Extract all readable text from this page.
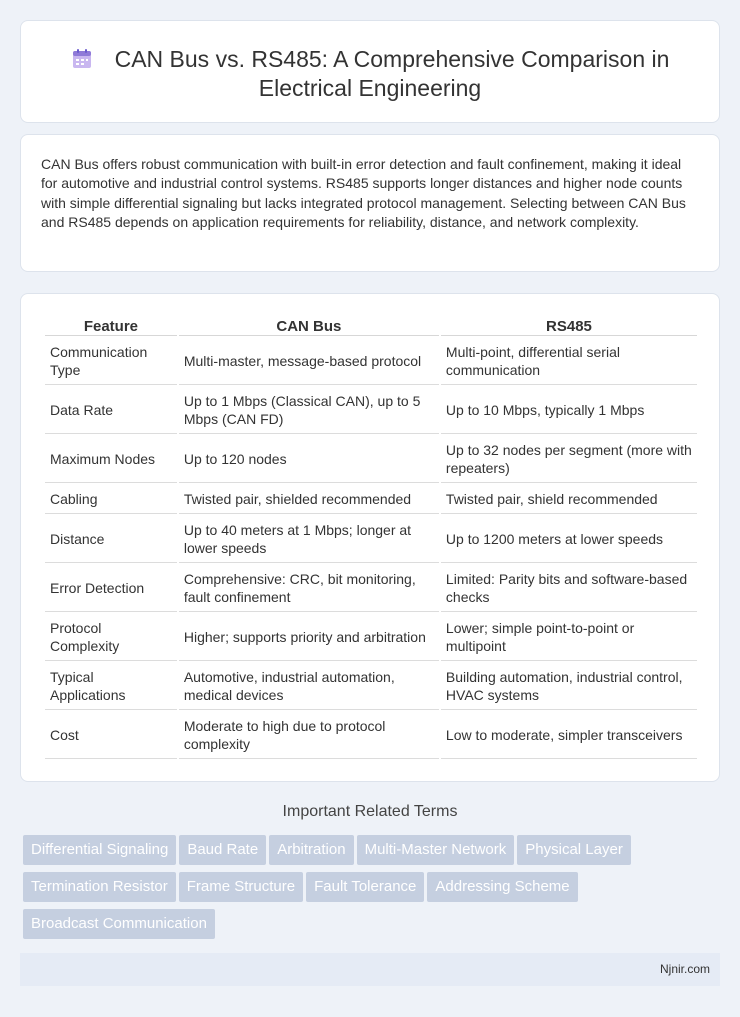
CAN Bus vs. RS485: A Comprehensive Comparison in
Electrical Engineering

CAN Bus offers robust communication with built-in error detection and fault confinement, making it ideal for automotive and industrial control systems. RS485 supports longer distances and higher node counts with simple differential signaling but lacks integrated protocol management. Selecting between CAN Bus and RS485 depends on application requirements for reliability, distance, and network complexity.

Feature	CAN Bus	RS485
Communication Type	Multi-master, message-based protocol	Multi-point, differential serial communication
Data Rate	Up to 1 Mbps (Classical CAN), up to 5 Mbps (CAN FD)	Up to 10 Mbps, typically 1 Mbps
Maximum Nodes	Up to 120 nodes	Up to 32 nodes per segment (more with repeaters)
Cabling	Twisted pair, shielded recommended	Twisted pair, shield recommended
Distance	Up to 40 meters at 1 Mbps; longer at lower speeds	Up to 1200 meters at lower speeds
Error Detection	Comprehensive: CRC, bit monitoring, fault confinement	Limited: Parity bits and software-based checks
Protocol Complexity	Higher; supports priority and arbitration	Lower; simple point-to-point or multipoint
Typical Applications	Automotive, industrial automation, medical devices	Building automation, industrial control, HVAC systems
Cost	Moderate to high due to protocol complexity	Low to moderate, simpler transceivers
Important Related Terms
Differential Signaling Baud Rate Arbitration Multi-Master Network Physical Layer
Termination Resistor Frame Structure Fault Tolerance Addressing Scheme
Broadcast Communication
Njnir.com
